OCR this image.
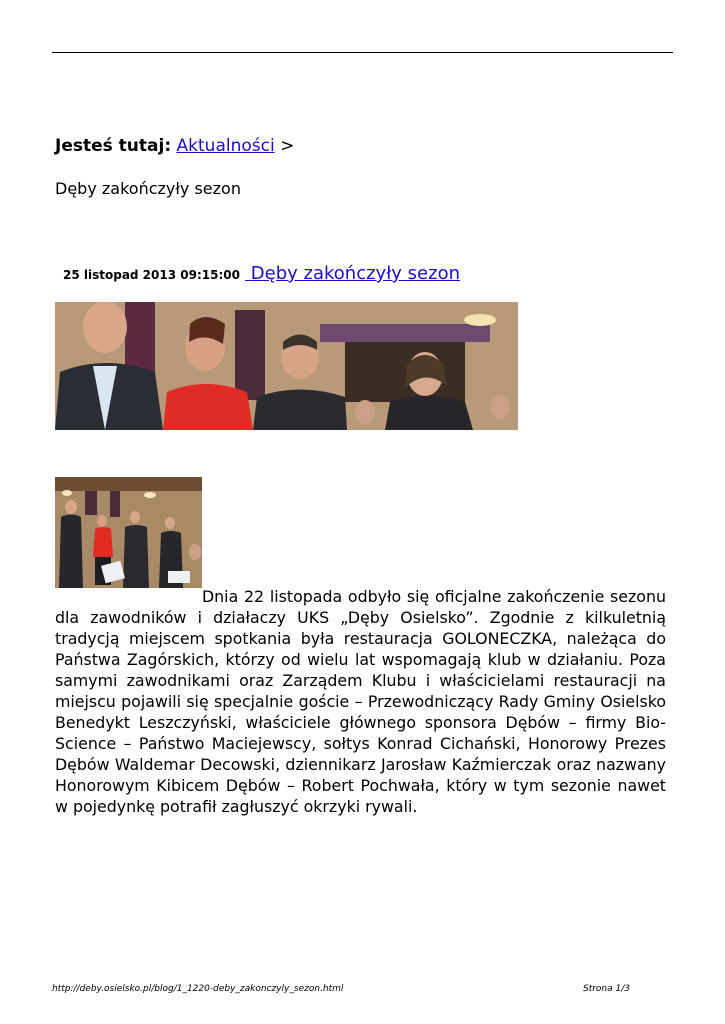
Jesteś tutaj: Aktualności >
Dęby zakończyły sezon
25 listopad 2013 09:15:00 Dęby zakończyły sezon
Dnia 22 listopada odbyło się oficjalne zakończenie sezonu dla zawodników i działaczy UKS „Dęby Osielsko”. Zgodnie z kilkuletnią tradycją miejscem spotkania była restauracja GOLONECZKA, należąca do Państwa Zagórskich, którzy od wielu lat wspomagają klub w działaniu. Poza samymi zawodnikami oraz Zarządem Klubu i właścicielami restauracji na miejscu pojawili się specjalnie goście – Przewodniczący Rady Gminy Osielsko Benedykt Leszczyński, właściciele głównego sponsora Dębów – firmy Bio-Science – Państwo Maciejewscy, sołtys Konrad Cichański, Honorowy Prezes Dębów Waldemar Decowski, dziennikarz Jarosław Kaźmierczak oraz nazwany Honorowym Kibicem Dębów – Robert Pochwała, który w tym sezonie nawet w pojedynkę potrafił zagłuszyć okrzyki rywali.
http://deby.osielsko.pl/blog/1_1220-deby_zakonczyly_sezon.html	Strona 1/3
